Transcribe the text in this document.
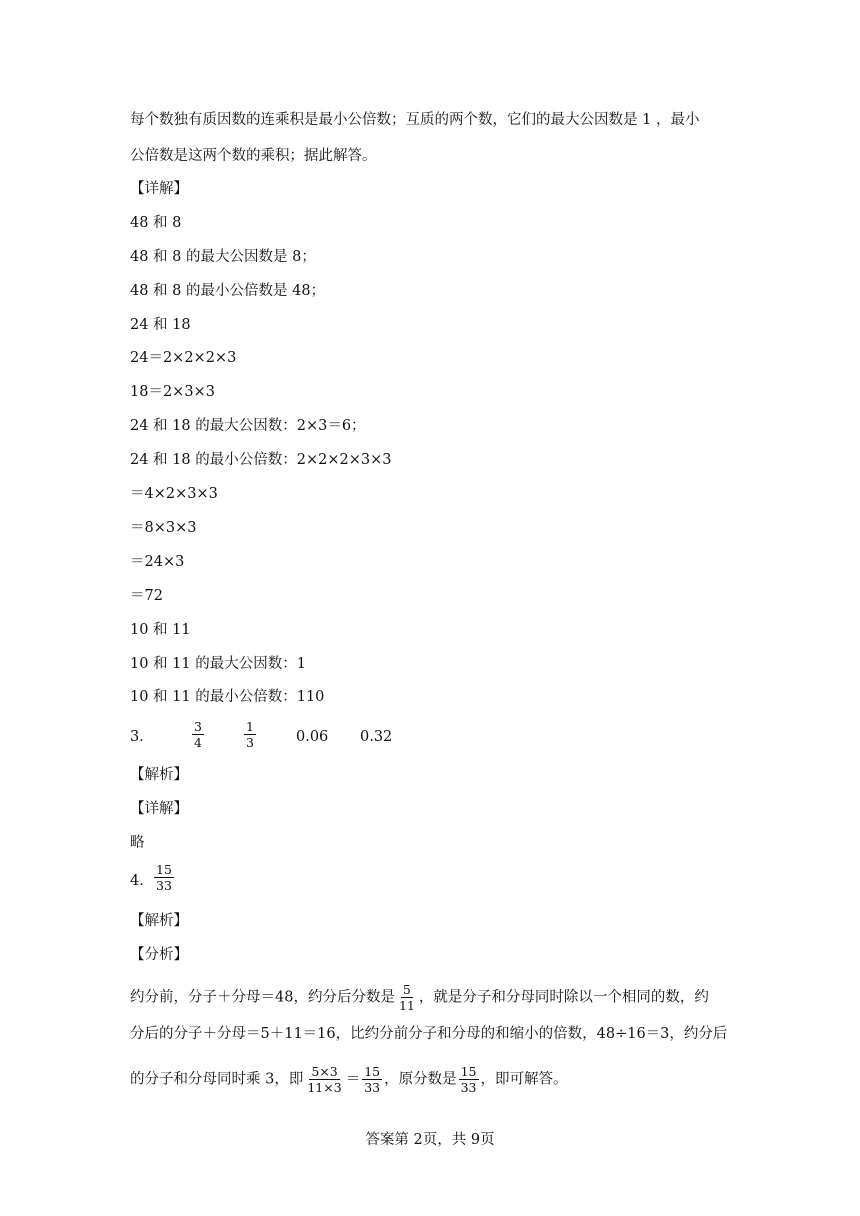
每个数独有质因数的连乘积是最小公倍数；互质的两个数，它们的最大公因数是 1 ，最小
公倍数是这两个数的乘积；据此解答。
【详解】
48 和 8
48 和 8 的最大公因数是 8；
48 和 8 的最小公倍数是 48；
24 和 18
24＝2×2×2×3
18＝2×3×3
24 和 18 的最大公因数：2×3＝6；
24 和 18 的最小公倍数：2×2×2×3×3
＝4×2×3×3
＝8×3×3
＝24×3
＝72
10 和 11
10 和 11 的最大公因数：1
10 和 11 的最小公倍数：110
3．	$\frac{3}{4}$	$\frac{1}{3}$	0.06 0.32
【解析】
【详解】
略
4． $\frac{15}{33}$
【解析】
【分析】
约分前，分子＋分母＝48，约分后分数是 $\frac{5}{11}$ ，就是分子和分母同时除以一个相同的数，约
分后的分子＋分母＝5＋11＝16，比约分前分子和分母的和缩小的倍数，48÷16＝3，约分后
的分子和分母同时乘 3，即 $\frac{5\times 3}{11\times 3} = \frac{15}{33}$ ，原分数是 $\frac{15}{33}$ ，即可解答。
答案第 2页，共 9页
